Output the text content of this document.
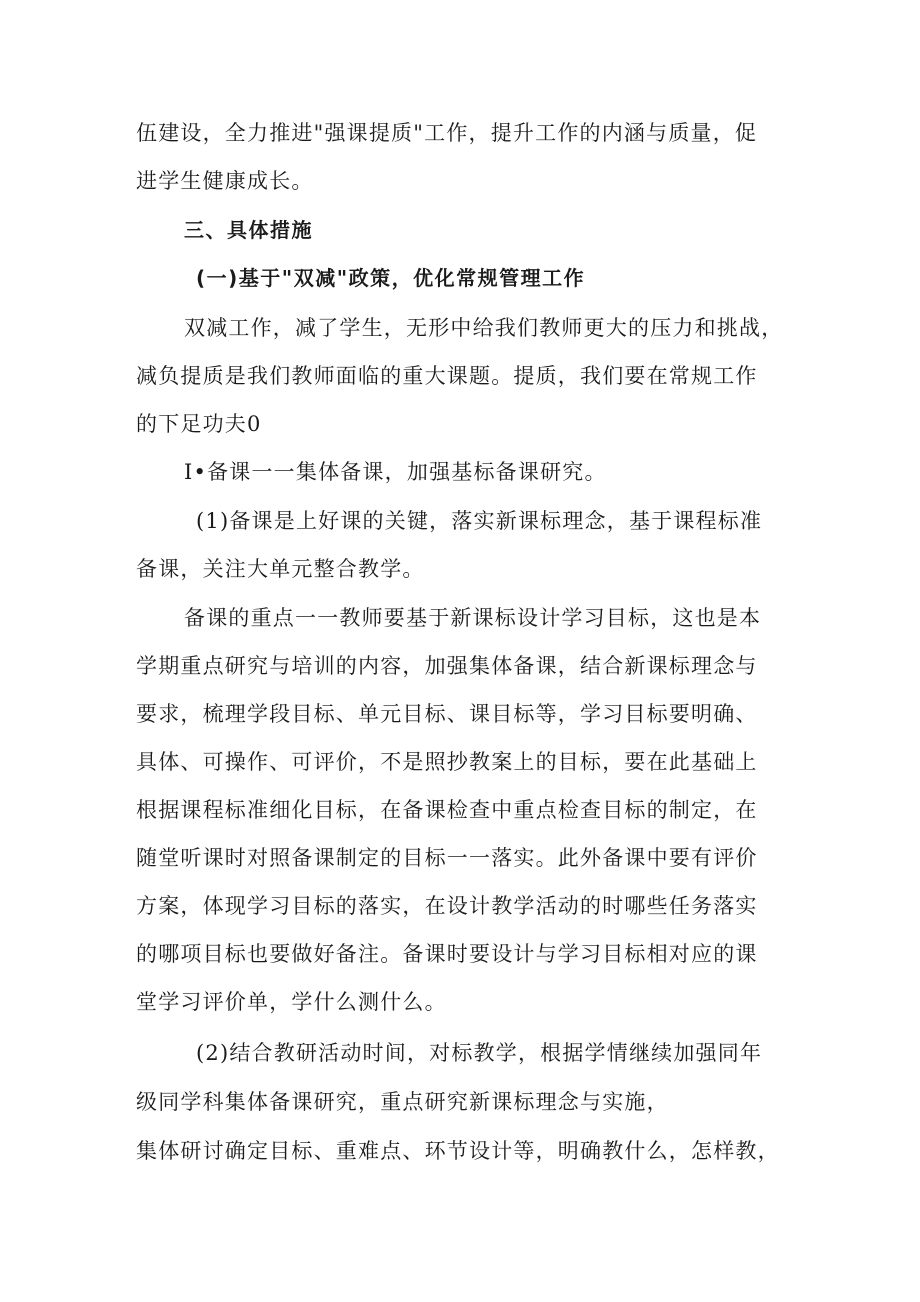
伍建设，全力推进"强课提质"工作，提升工作的内涵与质量，促
进学生健康成长。
三、具体措施
(一)基于"双减"政策，优化常规管理工作
双减工作，减了学生，无形中给我们教师更大的压力和挑战，
减负提质是我们教师面临的重大课题。提质，我们要在常规工作
的下足功夫0
I•备课一一集体备课，加强基标备课研究。
(1)备课是上好课的关键，落实新课标理念，基于课程标准
备课，关注大单元整合教学。
备课的重点一一教师要基于新课标设计学习目标，这也是本
学期重点研究与培训的内容，加强集体备课，结合新课标理念与
要求，梳理学段目标、单元目标、课目标等，学习目标要明确、
具体、可操作、可评价，不是照抄教案上的目标，要在此基础上
根据课程标准细化目标，在备课检查中重点检查目标的制定，在
随堂听课时对照备课制定的目标一一落实。此外备课中要有评价
方案，体现学习目标的落实，在设计教学活动的时哪些任务落实
的哪项目标也要做好备注。备课时要设计与学习目标相对应的课
堂学习评价单，学什么测什么。
(2)结合教研活动时间，对标教学，根据学情继续加强同年
级同学科集体备课研究，重点研究新课标理念与实施，
集体研讨确定目标、重难点、环节设计等，明确教什么，怎样教，
